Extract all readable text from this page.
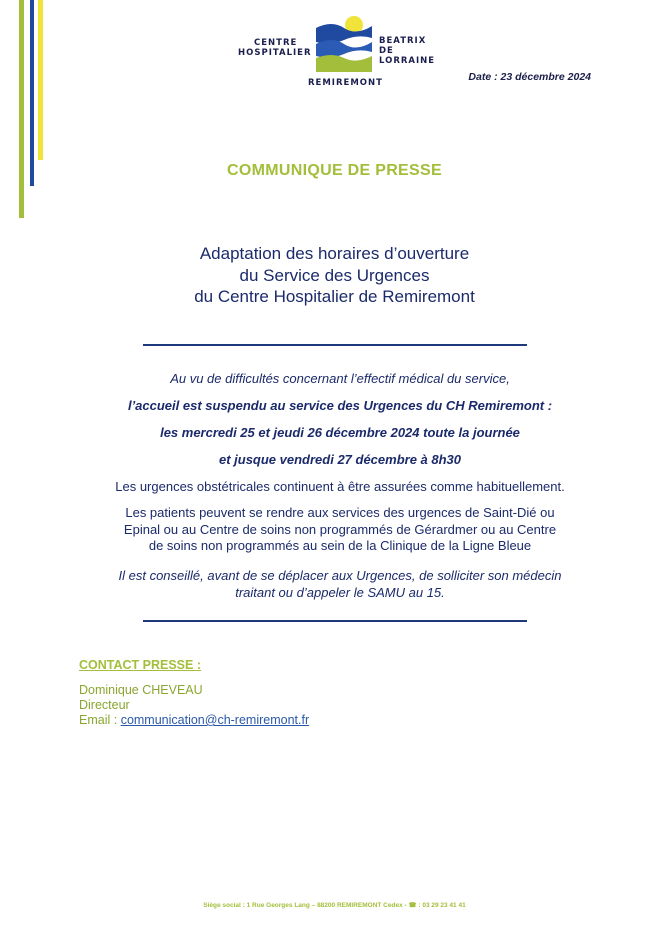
CENTRE
HOSPITALIER
BEATRIX
DE LORRAINE
REMIREMONT	Date : 23 décembre 2024
COMMUNIQUE DE PRESSE
Adaptation des horaires d’ouverture
du Service des Urgences
du Centre Hospitalier de Remiremont
Au vu de difficultés concernant l’effectif médical du service,
l’accueil est suspendu au service des Urgences du CH Remiremont :
les mercredi 25 et jeudi 26 décembre 2024 toute la journée
et jusque vendredi 27 décembre à 8h30
Les urgences obstétricales continuent à être assurées comme habituellement.
Les patients peuvent se rendre aux services des urgences de Saint-Dié ou
Epinal ou au Centre de soins non programmés de Gérardmer ou au Centre
de soins non programmés au sein de la Clinique de la Ligne Bleue
Il est conseillé, avant de se déplacer aux Urgences, de solliciter son médecin
traitant ou d’appeler le SAMU au 15.
CONTACT PRESSE :
Dominique CHEVEAU
Directeur
Email : communication@ch-remiremont.fr
Siège social : 1 Rue Georges Lang – 88200 REMIREMONT Cedex - ☎ : 03 29 23 41 41
